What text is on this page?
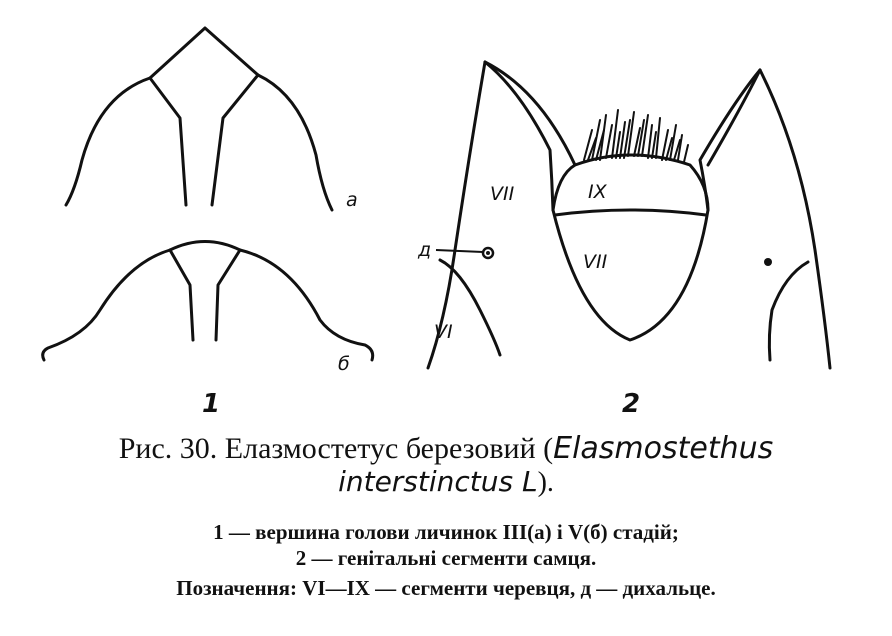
а
б
1
VII	IX
VII
VI
д
2
Рис. 30. Елазмостетус березовий (Elasmostethus
interstinctus L).
1 — вершина голови личинок III(а) і V(б) стадій;
2 — генітальні сегменти самця.
Позначення: VI—IX — сегменти черевця, д — дихальце.
